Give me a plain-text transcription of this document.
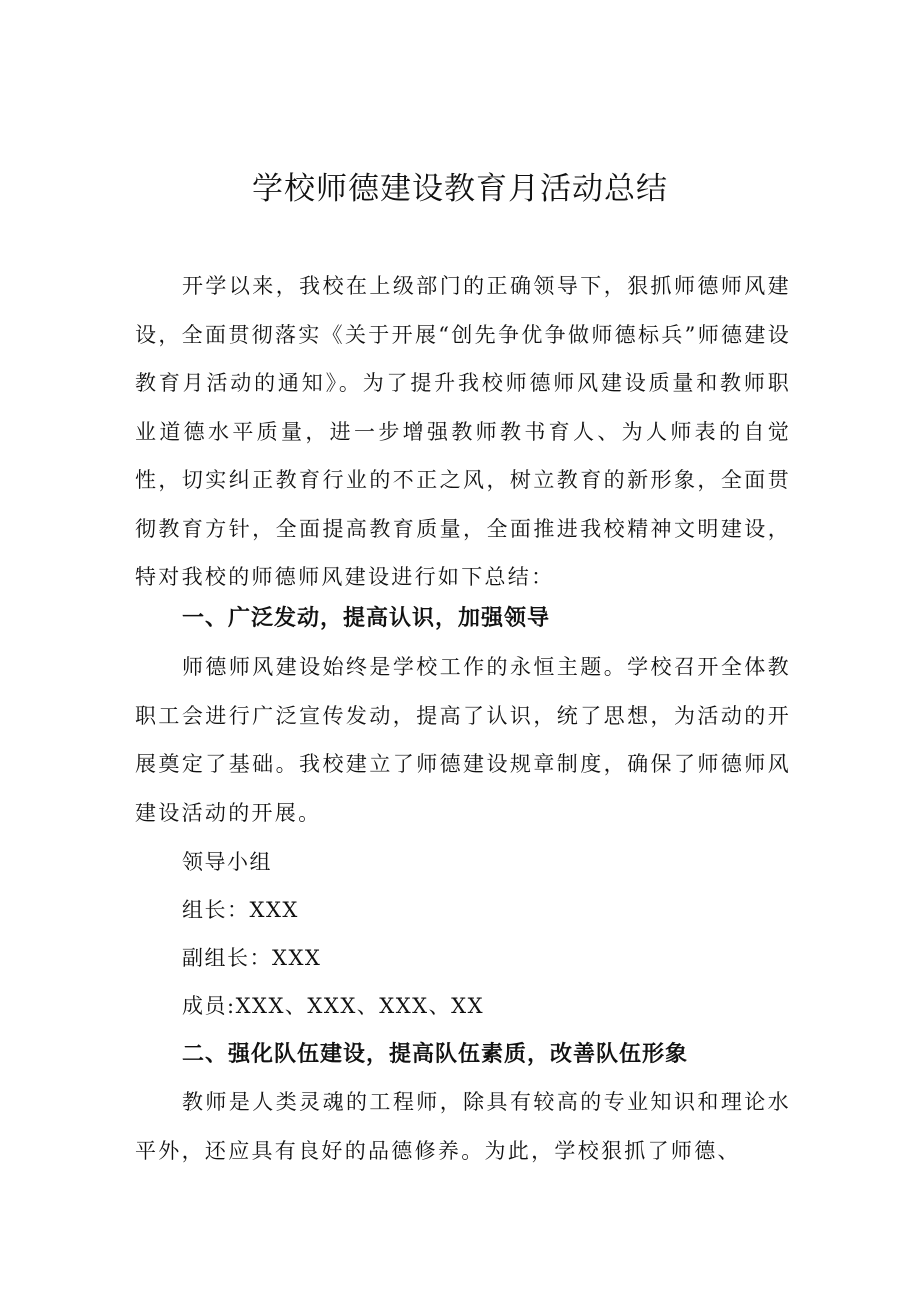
学校师德建设教育月活动总结

开学以来，我校在上级部门的正确领导下，狠抓师德师风建设，全面贯彻落实《关于开展“创先争优争做师德标兵”师德建设教育月活动的通知》。为了提升我校师德师风建设质量和教师职业道德水平质量，进一步增强教师教书育人、为人师表的自觉性，切实纠正教育行业的不正之风，树立教育的新形象，全面贯彻教育方针，全面提高教育质量，全面推进我校精神文明建设，特对我校的师德师风建设进行如下总结：

一、广泛发动，提高认识，加强领导

师德师风建设始终是学校工作的永恒主题。学校召开全体教职工会进行广泛宣传发动，提高了认识，统了思想，为活动的开展奠定了基础。我校建立了师德建设规章制度，确保了师德师风建设活动的开展。

领导小组

组长：XXX

副组长：XXX

成员:XXX、XXX、XXX、XX

二、强化队伍建设，提高队伍素质，改善队伍形象

教师是人类灵魂的工程师，除具有较高的专业知识和理论水平外，还应具有良好的品德修养。为此，学校狠抓了师德、
